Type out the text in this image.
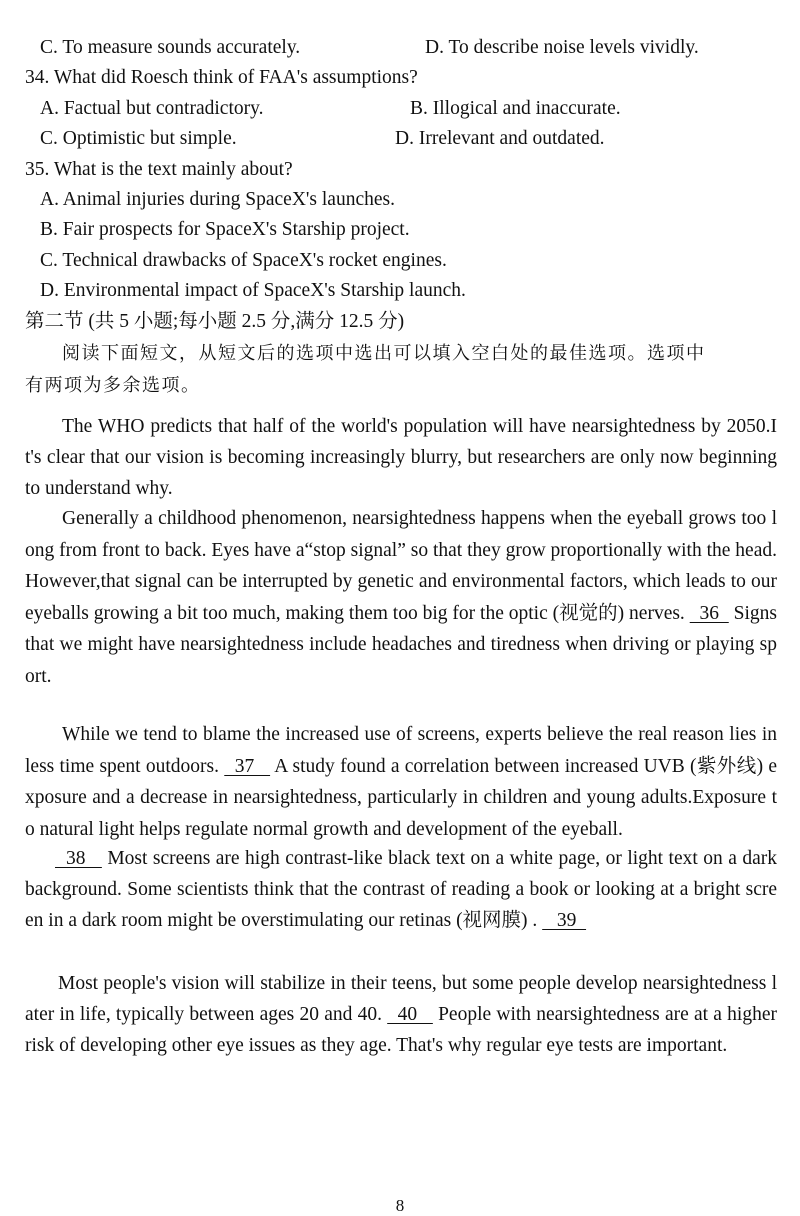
C. To measure sounds accurately.	D. To describe noise levels vividly.
34. What did Roesch think of FAA's assumptions?
A. Factual but contradictory.	B. Illogical and inaccurate.
C. Optimistic but simple.	D. Irrelevant and outdated.
35. What is the text mainly about?
A. Animal injuries during SpaceX's launches.
B. Fair prospects for SpaceX's Starship project.
C. Technical drawbacks of SpaceX's rocket engines.
D. Environmental impact of SpaceX's Starship launch.
第二节 (共 5 小题;每小题 2.5 分,满分 12.5 分)
阅读下面短文，从短文后的选项中选出可以填入空白处的最佳选项。选项中
有两项为多余选项。
The WHO predicts that half of the world's population will have nearsightedness by 2050.It's clear that our vision is becoming increasingly blurry, but researchers are only now beginning to understand why.
Generally a childhood phenomenon, nearsightedness happens when the eyeball grows too long from front to back. Eyes have a“stop signal” so that they grow proportionally with the head. However,that signal can be interrupted by genetic and environmental factors, which leads to our eyeballs growing a bit too much, making them too big for the optic (视觉的) nerves.   36   Signs that we might have nearsightedness include headaches and tiredness when driving or playing sport.
While we tend to blame the increased use of screens, experts believe the real reason lies in less time spent outdoors.   37    A study found a correlation between increased UVB (紫外线) exposure and a decrease in nearsightedness, particularly in children and young adults.Exposure to natural light helps regulate normal growth and development of the eyeball.
38    Most screens are high contrast-like black text on a white page, or light text on a dark background. Some scientists think that the contrast of reading a book or looking at a bright screen in a dark room might be overstimulating our retinas (视网膜) .    39
Most people's vision will stabilize in their teens, but some people develop nearsightedness later in life, typically between ages 20 and 40.   40    People with nearsightedness are at a higher risk of developing other eye issues as they age. That's why regular eye tests are important.
8
